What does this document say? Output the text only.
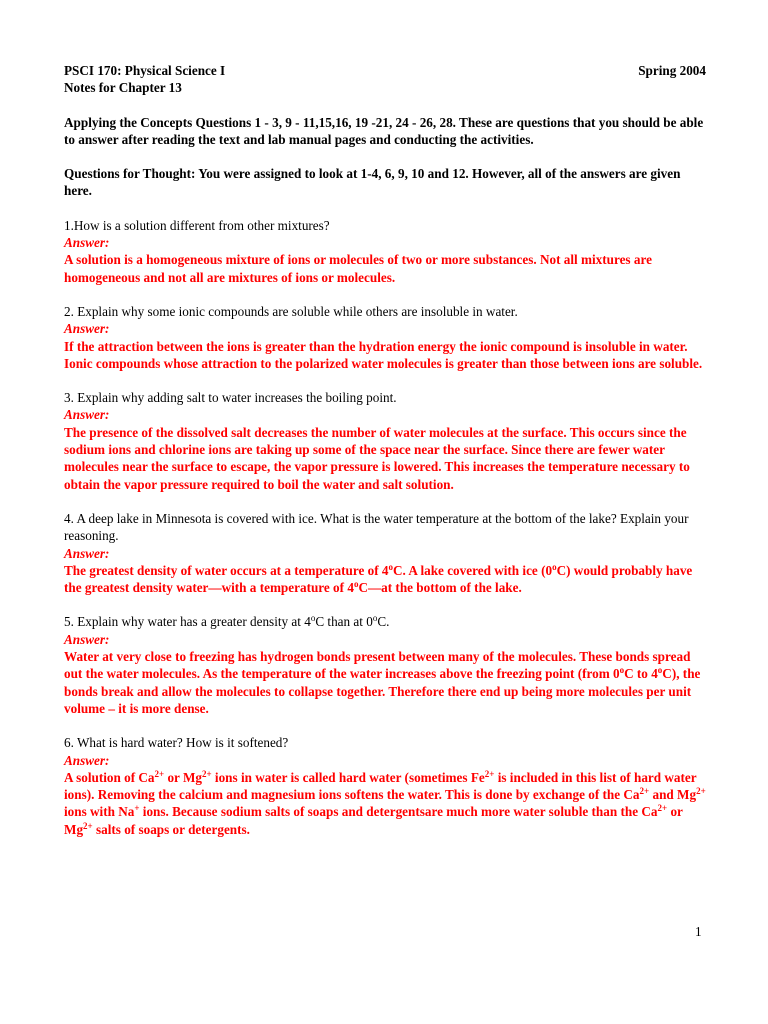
PSCI 170: Physical Science I	Spring 2004
Notes for Chapter 13
Applying the Concepts Questions 1 - 3, 9 - 11,15,16, 19 -21, 24 - 26, 28. These are questions that you should be able to answer after reading the text and lab manual pages and conducting the activities.
Questions for Thought: You were assigned to look at 1-4, 6, 9, 10 and 12. However, all of the answers are given here.
1.How is a solution different from other mixtures?
Answer:
A solution is a homogeneous mixture of ions or molecules of two or more substances. Not all mixtures are homogeneous and not all are mixtures of ions or molecules.
2. Explain why some ionic compounds are soluble while others are insoluble in water.
Answer:
If the attraction between the ions is greater than the hydration energy the ionic compound is insoluble in water. Ionic compounds whose attraction to the polarized water molecules is greater than those between ions are soluble.
3. Explain why adding salt to water increases the boiling point.
Answer:
The presence of the dissolved salt decreases the number of water molecules at the surface. This occurs since the sodium ions and chlorine ions are taking up some of the space near the surface. Since there are fewer water molecules near the surface to escape, the vapor pressure is lowered. This increases the temperature necessary to obtain the vapor pressure required to boil the water and salt solution.
4. A deep lake in Minnesota is covered with ice. What is the water temperature at the bottom of the lake? Explain your reasoning.
Answer:
The greatest density of water occurs at a temperature of 4$^o$C. A lake covered with ice (0$^o$C) would probably have the greatest density water—with a temperature of 4$^o$C—at the bottom of the lake.
5. Explain why water has a greater density at 4$^o$C than at 0$^o$C.
Answer:
Water at very close to freezing has hydrogen bonds present between many of the molecules. These bonds spread out the water molecules. As the temperature of the water increases above the freezing point (from 0$^o$C to 4$^o$C), the bonds break and allow the molecules to collapse together. Therefore there end up being more molecules per unit volume – it is more dense.
6. What is hard water? How is it softened?
Answer:
A solution of $Ca^{2+}$ or $Mg^{2+}$ ions in water is called hard water (sometimes $Fe^{2+}$ is included in this list of hard water ions). Removing the calcium and magnesium ions softens the water. This is done by exchange of the $Ca^{2+}$ and $Mg^{2+}$ ions with Na+ ions. Because sodium salts of soaps and detergentsare much more water soluble than the $Ca^{2+}$ or $Mg^{2+}$ salts of soaps or detergents.
1
